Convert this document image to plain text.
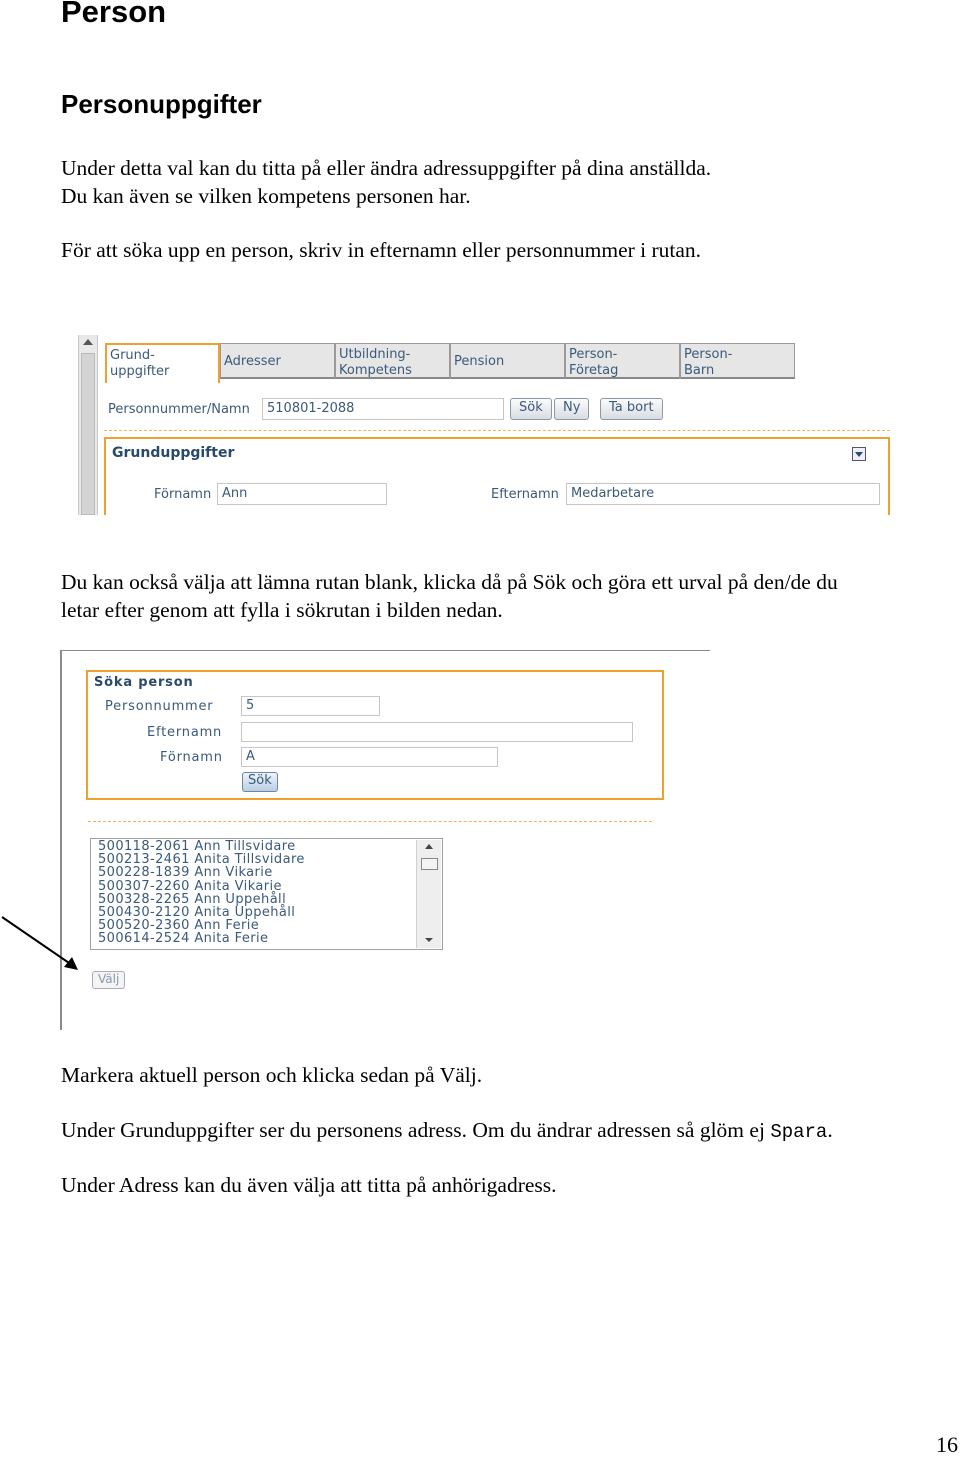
Person
Personuppgifter
Under detta val kan du titta på eller ändra adressuppgifter på dina anställda.
Du kan även se vilken kompetens personen har.
För att söka upp en person, skriv in efternamn eller personnummer i rutan.
Grund-
uppgifter
Adresser	Utbildning-
Kompetens
Pension	Person-
Företag
Person-
Barn
Personnummer/Namn	510801-2088	Sök	Ny	Ta bort
Grunduppgifter
Förnamn Ann	Efternamn Medarbetare
Du kan också välja att lämna rutan blank, klicka då på Sök och göra ett urval på den/de du
letar efter genom att fylla i sökrutan i bilden nedan.
Söka person
Personnummer	5
Efternamn
Förnamn	A
Sök
500118-2061 Ann Tillsvidare
500213-2461 Anita Tillsvidare
500228-1839 Ann Vikarie
500307-2260 Anita Vikarie
500328-2265 Ann Uppehåll
500430-2120 Anita Uppehåll
500520-2360 Ann Ferie
500614-2524 Anita Ferie
Välj
Markera aktuell person och klicka sedan på Välj.
Under Grunduppgifter ser du personens adress. Om du ändrar adressen så glöm ej Spara.
Under Adress kan du även välja att titta på anhörigadress.
16
